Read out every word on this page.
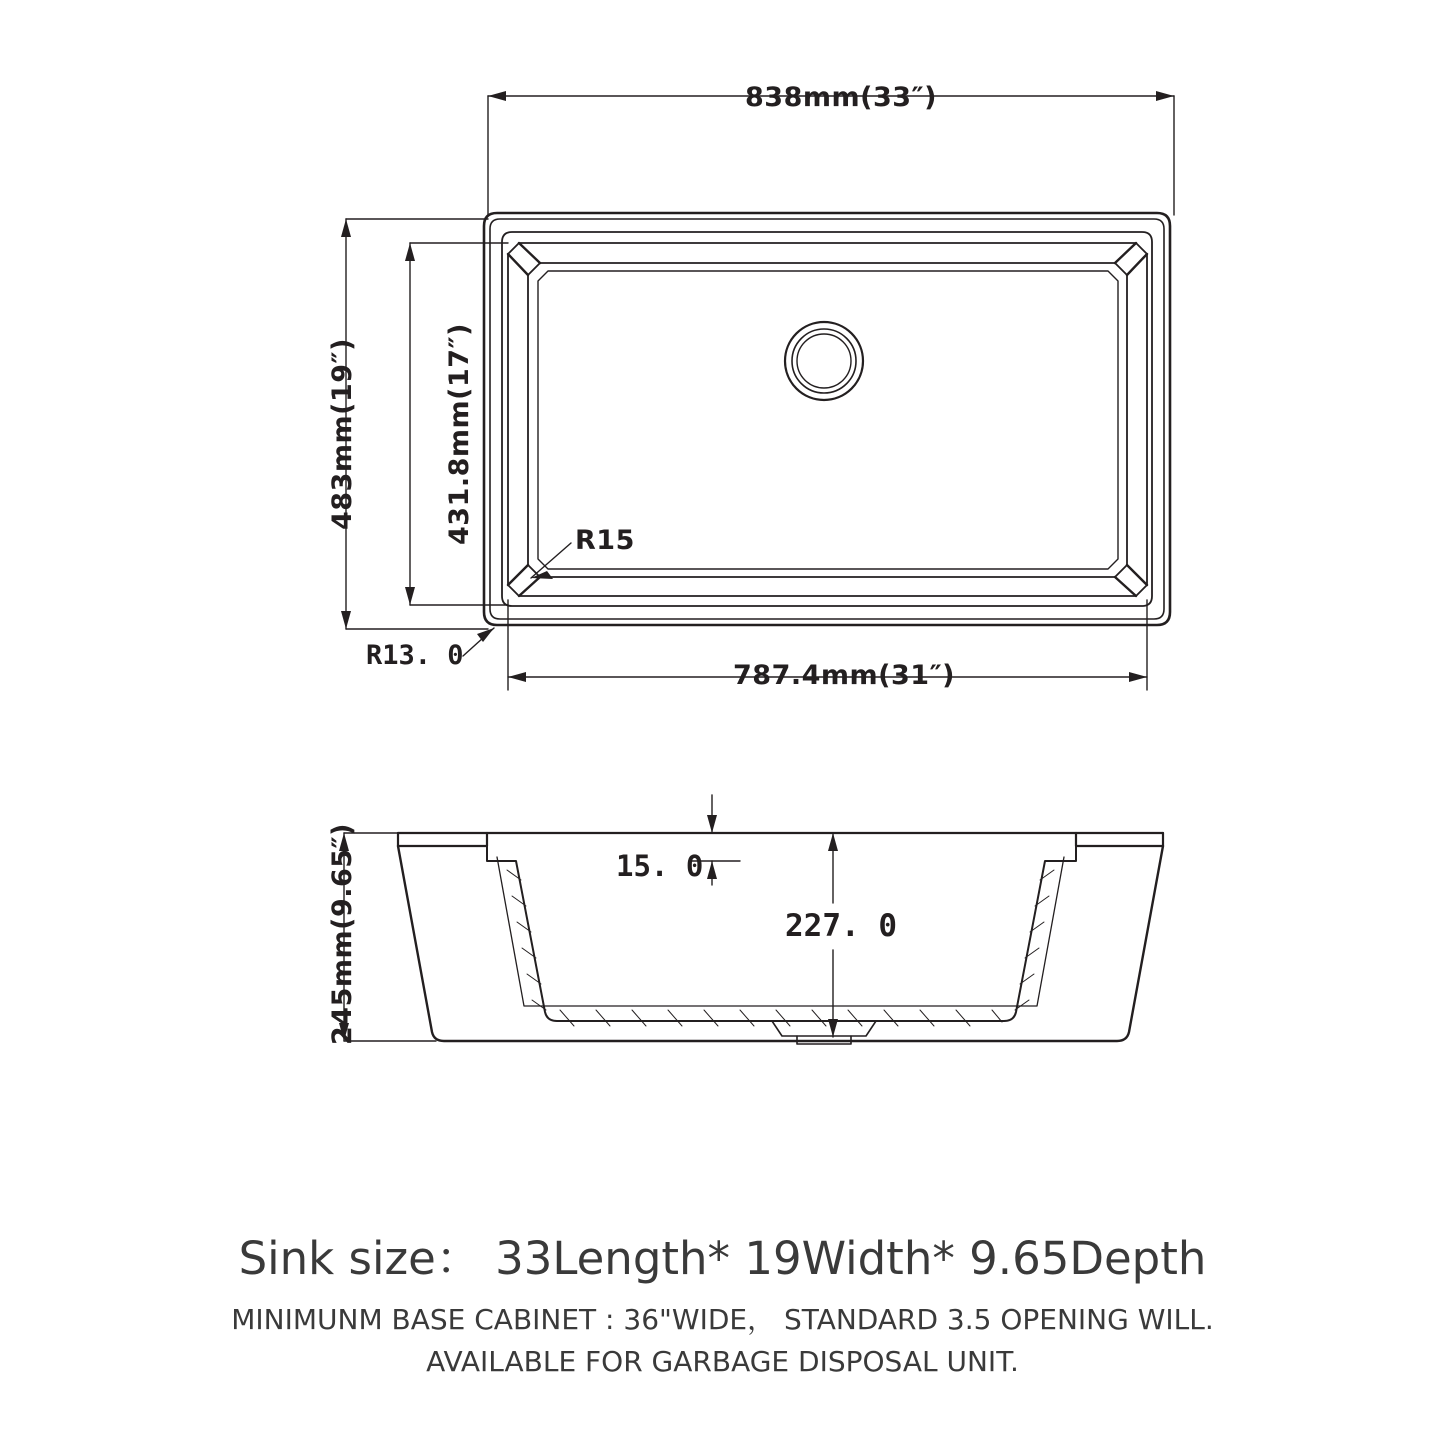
838mm(33″)
483mm(19″)	431.8mm(17″)
787.4mm(31″)
R15
R13. 0
245mm(9.65″)	15. 0
227. 0
Sink size： 33Length* 19Width* 9.65Depth
MINIMUNM BASE CABINET : 36"WIDE， STANDARD 3.5 OPENING WILL.
AVAILABLE FOR GARBAGE DISPOSAL UNIT.
